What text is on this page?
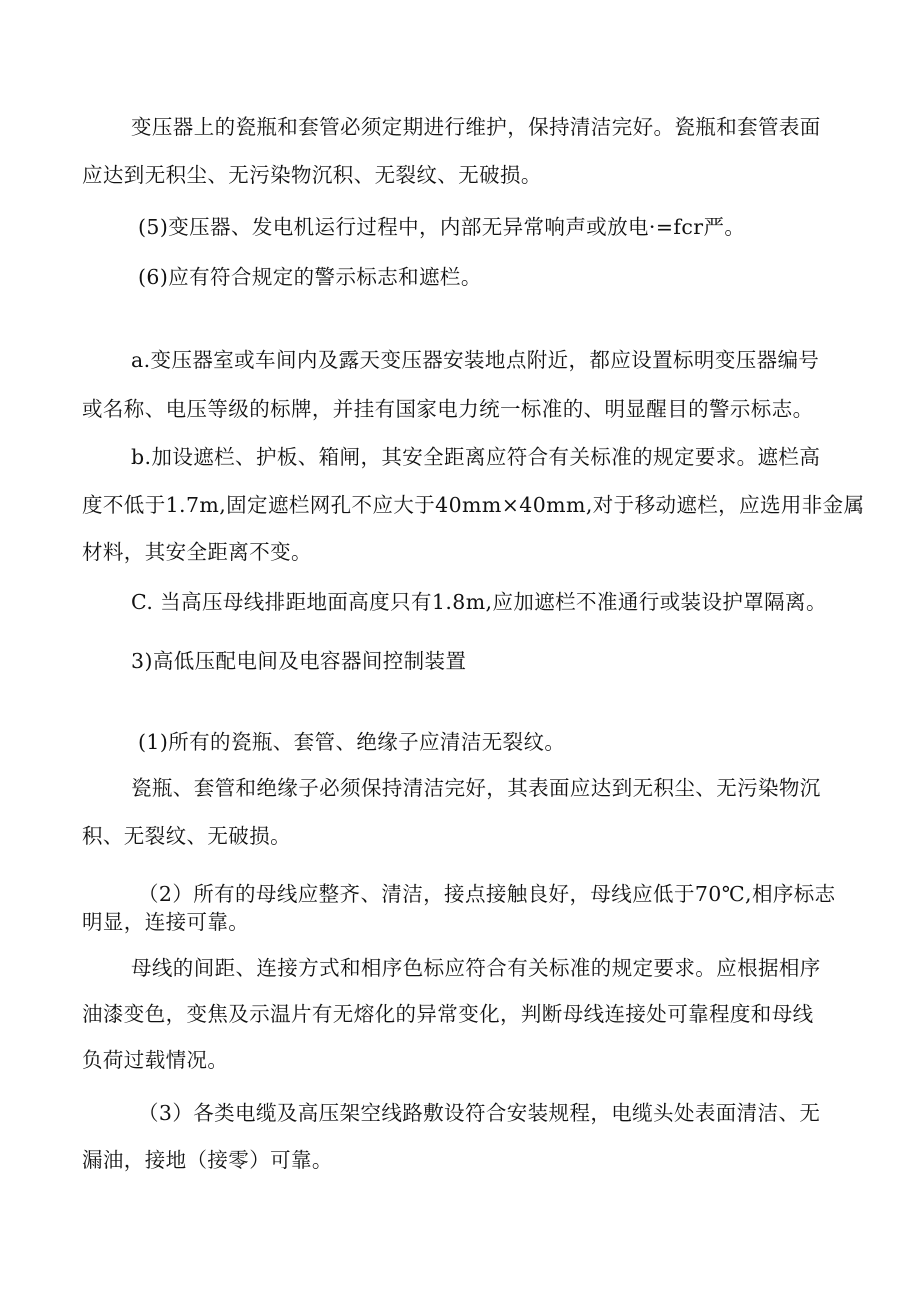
变压器上的瓷瓶和套管必须定期进行维护，保持清洁完好。瓷瓶和套管表面

应达到无积尘、无污染物沉积、无裂纹、无破损。

(5)变压器、发电机运行过程中，内部无异常响声或放电·=fcr严。

(6)应有符合规定的警示标志和遮栏。

a.变压器室或车间内及露天变压器安装地点附近，都应设置标明变压器编号

或名称、电压等级的标牌，并挂有国家电力统一标准的、明显醒目的警示标志。

b.加设遮栏、护板、箱闸，其安全距离应符合有关标准的规定要求。遮栏高

度不低于1.7m,固定遮栏网孔不应大于40mm×40mm,对于移动遮栏，应选用非金属

材料，其安全距离不变。

C. 当高压母线排距地面高度只有1.8m,应加遮栏不准通行或装设护罩隔离。

3)高低压配电间及电容器间控制装置

(1)所有的瓷瓶、套管、绝缘子应清洁无裂纹。

瓷瓶、套管和绝缘子必须保持清洁完好，其表面应达到无积尘、无污染物沉

积、无裂纹、无破损。

（2）所有的母线应整齐、清洁，接点接触良好，母线应低于70℃,相序标志

明显，连接可靠。

母线的间距、连接方式和相序色标应符合有关标准的规定要求。应根据相序

油漆变色，变焦及示温片有无熔化的异常变化，判断母线连接处可靠程度和母线

负荷过载情况。

（3）各类电缆及高压架空线路敷设符合安装规程，电缆头处表面清洁、无

漏油，接地（接零）可靠。
